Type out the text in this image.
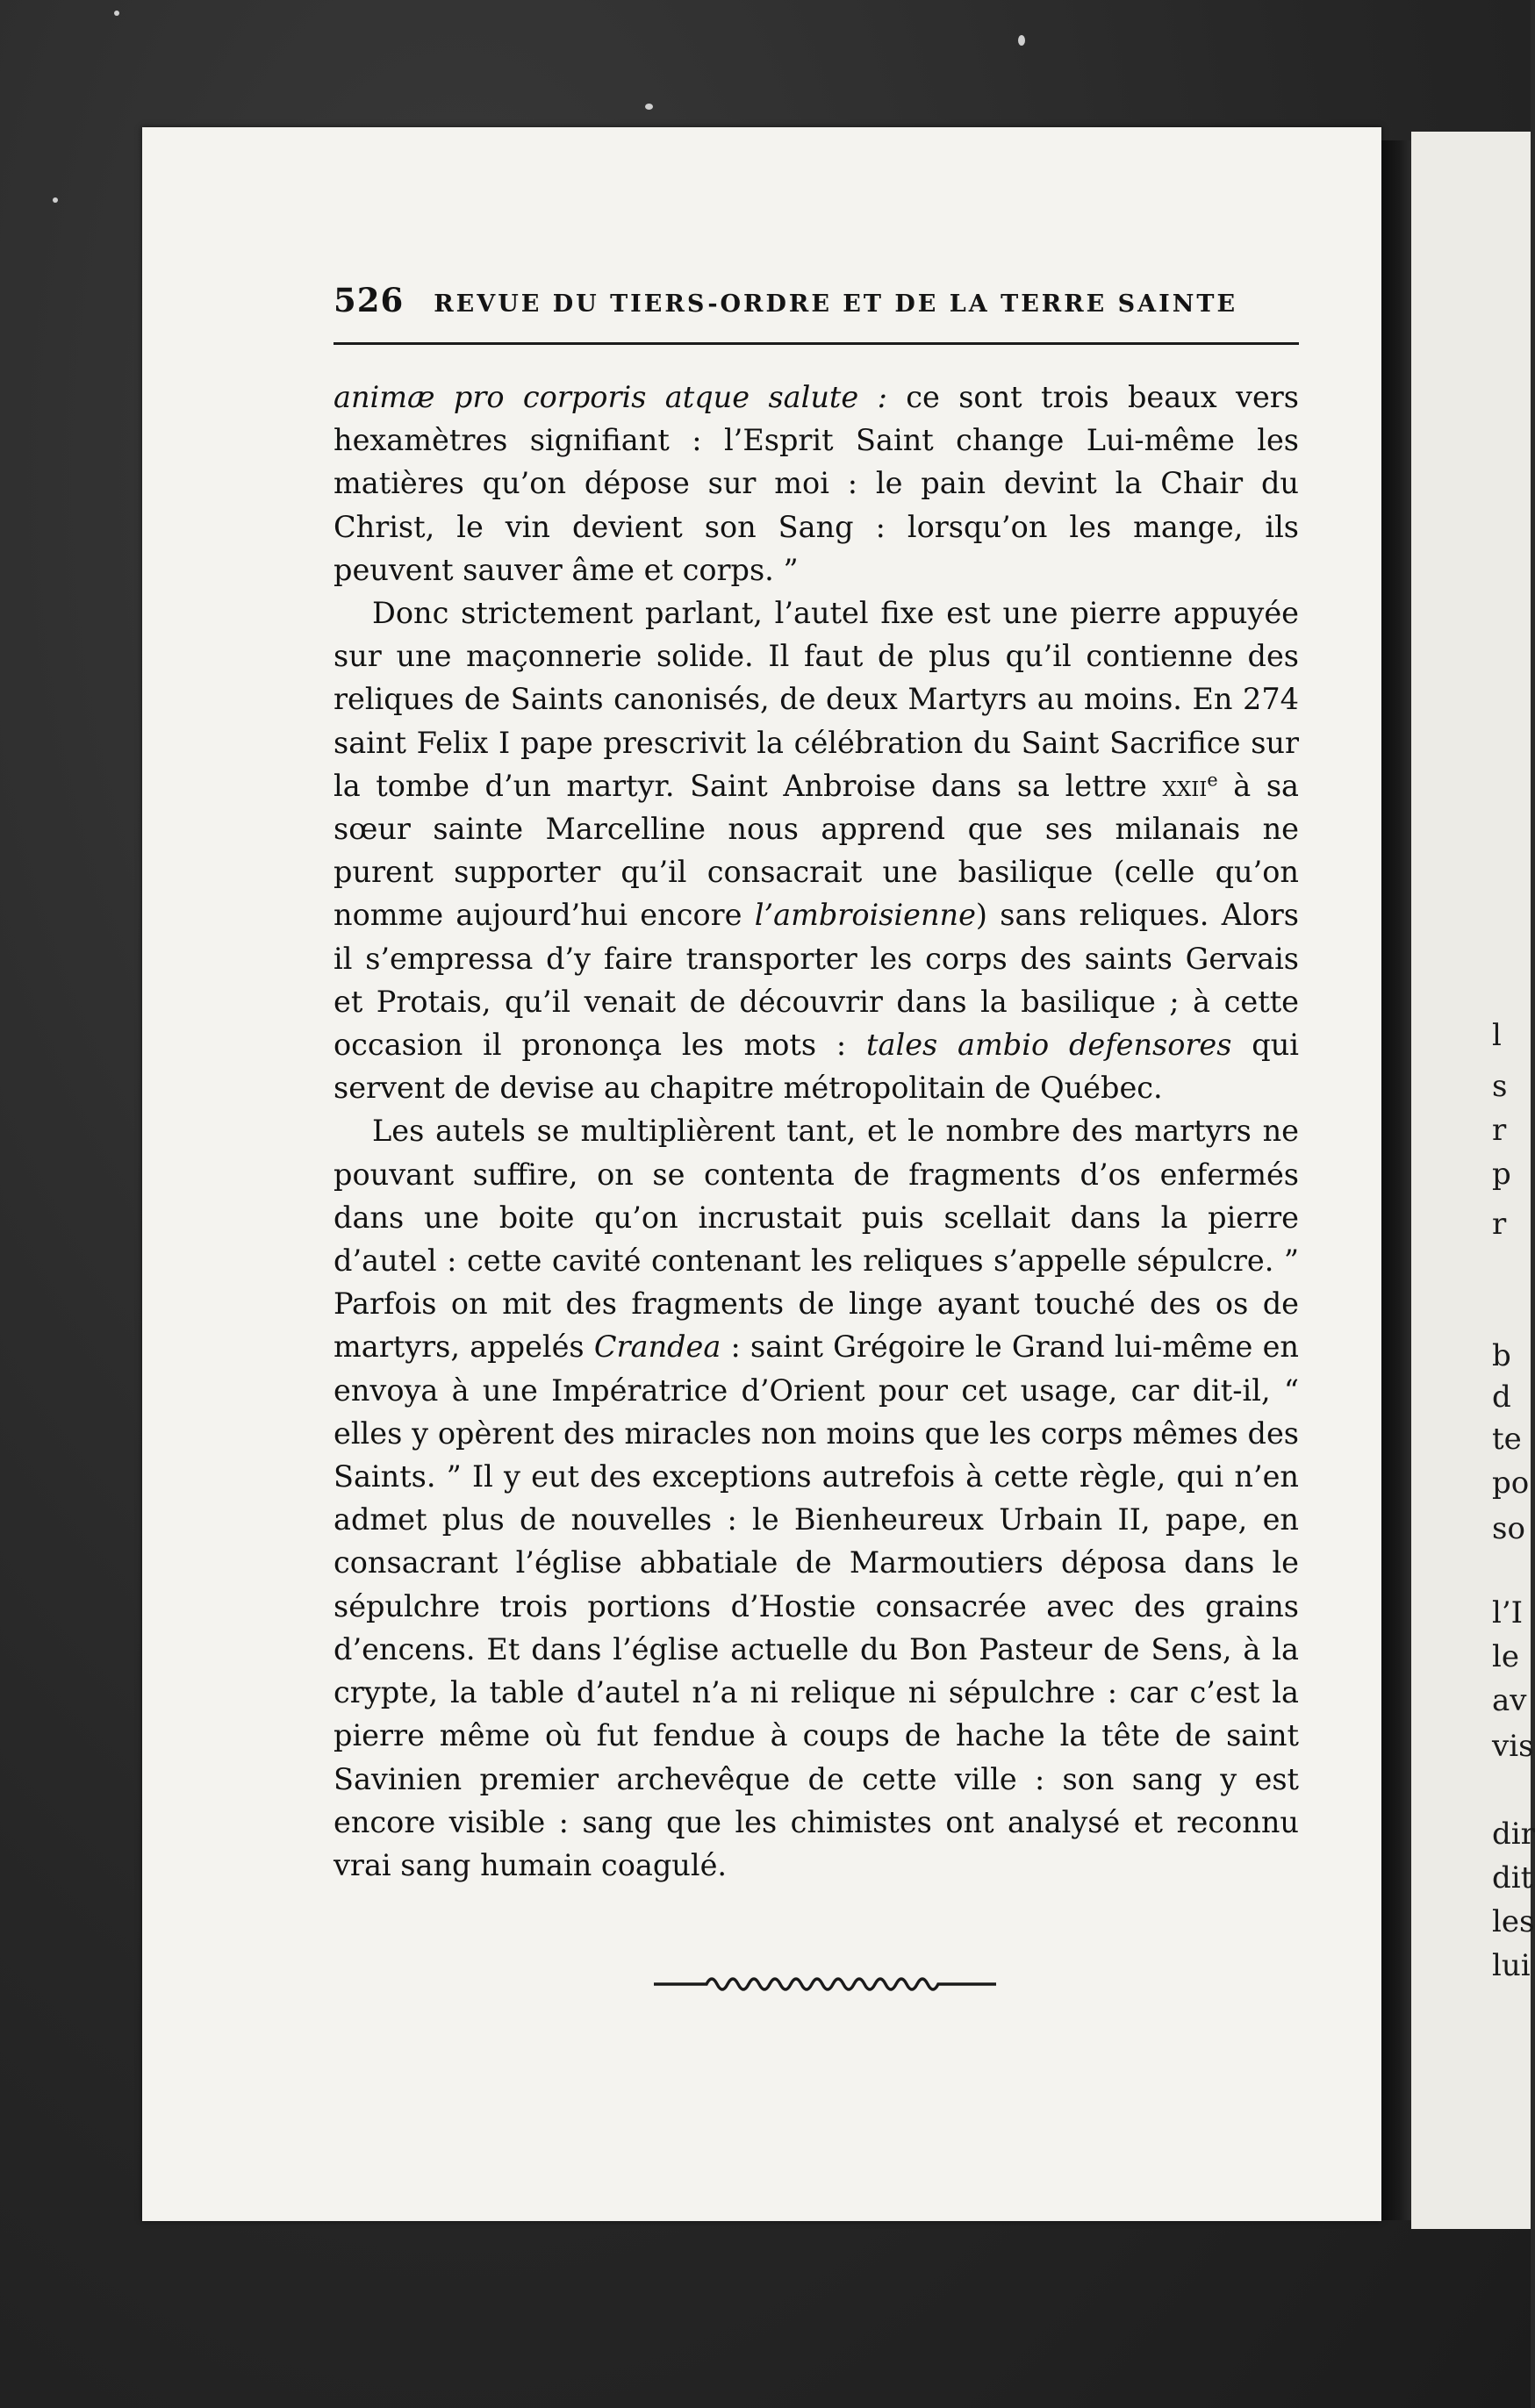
l
s
r
p
r
b
d
te
po
so
l’I
le
av
vis
dir
dit
les
lui
526 REVUE DU TIERS-ORDRE ET DE LA TERRE SAINTE

animæ pro corporis atque salute : ce sont trois beaux vers hexamètres signifiant : l’Esprit Saint change Lui-même les matières qu’on dépose sur moi : le pain devint la Chair du Christ, le vin devient son Sang : lorsqu’on les mange, ils peuvent sauver âme et corps. ”

Donc strictement parlant, l’autel fixe est une pierre appuyée sur une maçonnerie solide. Il faut de plus qu’il contienne des reliques de Saints canonisés, de deux Martyrs au moins. En 274 saint Felix I pape prescrivit la célébration du Saint Sacrifice sur la tombe d’un martyr. Saint Anbroise dans sa lettre xxii$^e$ à sa sœur sainte Marcelline nous apprend que ses milanais ne purent supporter qu’il consacrait une basilique (celle qu’on nomme aujourd’hui encore l’ambroisienne) sans reliques. Alors il s’empressa d’y faire transporter les corps des saints Gervais et Protais, qu’il venait de découvrir dans la basilique ; à cette occasion il prononça les mots : tales ambio defensores qui servent de devise au chapitre métropolitain de Québec.

Les autels se multiplièrent tant, et le nombre des martyrs ne pouvant suffire, on se contenta de fragments d’os enfermés dans une boite qu’on incrustait puis scellait dans la pierre d’autel : cette cavité contenant les reliques s’appelle sépulcre. ” Parfois on mit des fragments de linge ayant touché des os de martyrs, appelés Crandea : saint Grégoire le Grand lui-même en envoya à une Impératrice d’Orient pour cet usage, car dit-il, “ elles y opèrent des miracles non moins que les corps mêmes des Saints. ” Il y eut des exceptions autrefois à cette règle, qui n’en admet plus de nouvelles : le Bienheureux Urbain II, pape, en consacrant l’église abbatiale de Marmoutiers déposa dans le sépulchre trois portions d’Hostie consacrée avec des grains d’encens. Et dans l’église actuelle du Bon Pasteur de Sens, à la crypte, la table d’autel n’a ni relique ni sépulchre : car c’est la pierre même où fut fendue à coups de hache la tête de saint Savinien premier archevêque de cette ville : son sang y est encore visible : sang que les chimistes ont analysé et reconnu vrai sang humain coagulé.
